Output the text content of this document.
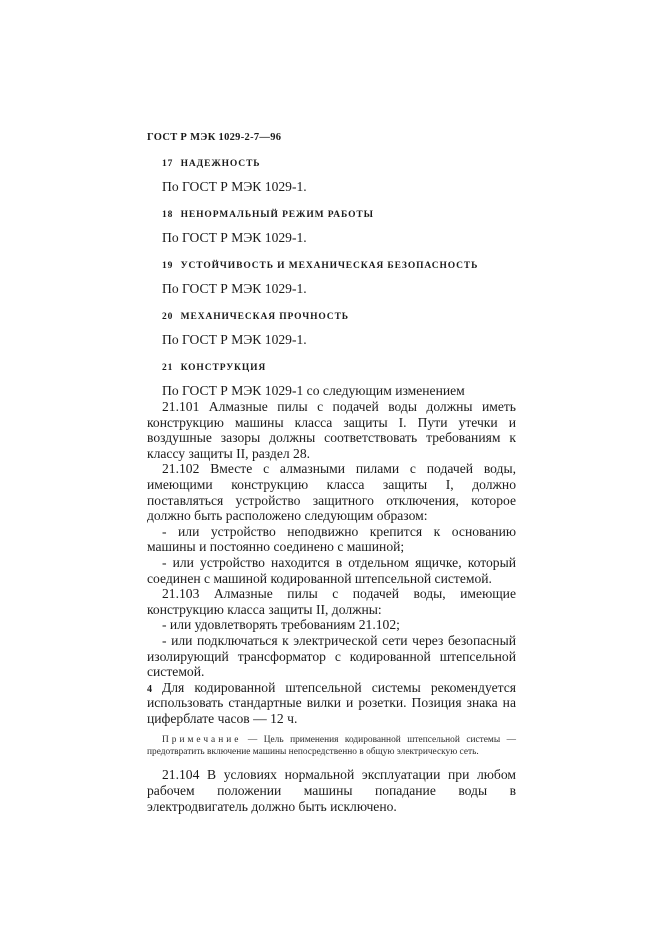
ГОСТ Р МЭК 1029-2-7—96

17 НАДЕЖНОСТЬ

По ГОСТ Р МЭК 1029-1.

18 НЕНОРМАЛЬНЫЙ РЕЖИМ РАБОТЫ

По ГОСТ Р МЭК 1029-1.

19 УСТОЙЧИВОСТЬ И МЕХАНИЧЕСКАЯ БЕЗОПАСНОСТЬ

По ГОСТ Р МЭК 1029-1.

20 МЕХАНИЧЕСКАЯ ПРОЧНОСТЬ

По ГОСТ Р МЭК 1029-1.

21 КОНСТРУКЦИЯ

По ГОСТ Р МЭК 1029-1 со следующим изменением

21.101 Алмазные пилы с подачей воды должны иметь конструкцию машины класса защиты I. Пути утечки и воздушные зазоры должны соответствовать требованиям к классу защиты II, раздел 28.

21.102 Вместе с алмазными пилами с подачей воды, имеющими конструкцию класса защиты I, должно поставляться устройство защитного отключения, которое должно быть расположено следующим образом:

- или устройство неподвижно крепится к основанию машины и постоянно соединено с машиной;

- или устройство находится в отдельном ящичке, который соединен с машиной кодированной штепсельной системой.

21.103 Алмазные пилы с подачей воды, имеющие конструкцию класса защиты II, должны:

- или удовлетворять требованиям 21.102;

- или подключаться к электрической сети через безопасный изолирующий трансформатор с кодированной штепсельной системой.

Для кодированной штепсельной системы рекомендуется использовать стандартные вилки и розетки. Позиция знака на циферблате часов — 12 ч.

Примечание — Цель применения кодированной штепсельной системы — предотвратить включение машины непосредственно в общую электрическую сеть.

21.104 В условиях нормальной эксплуатации при любом рабочем положении машины попадание воды в электродвигатель должно быть исключено.

4
